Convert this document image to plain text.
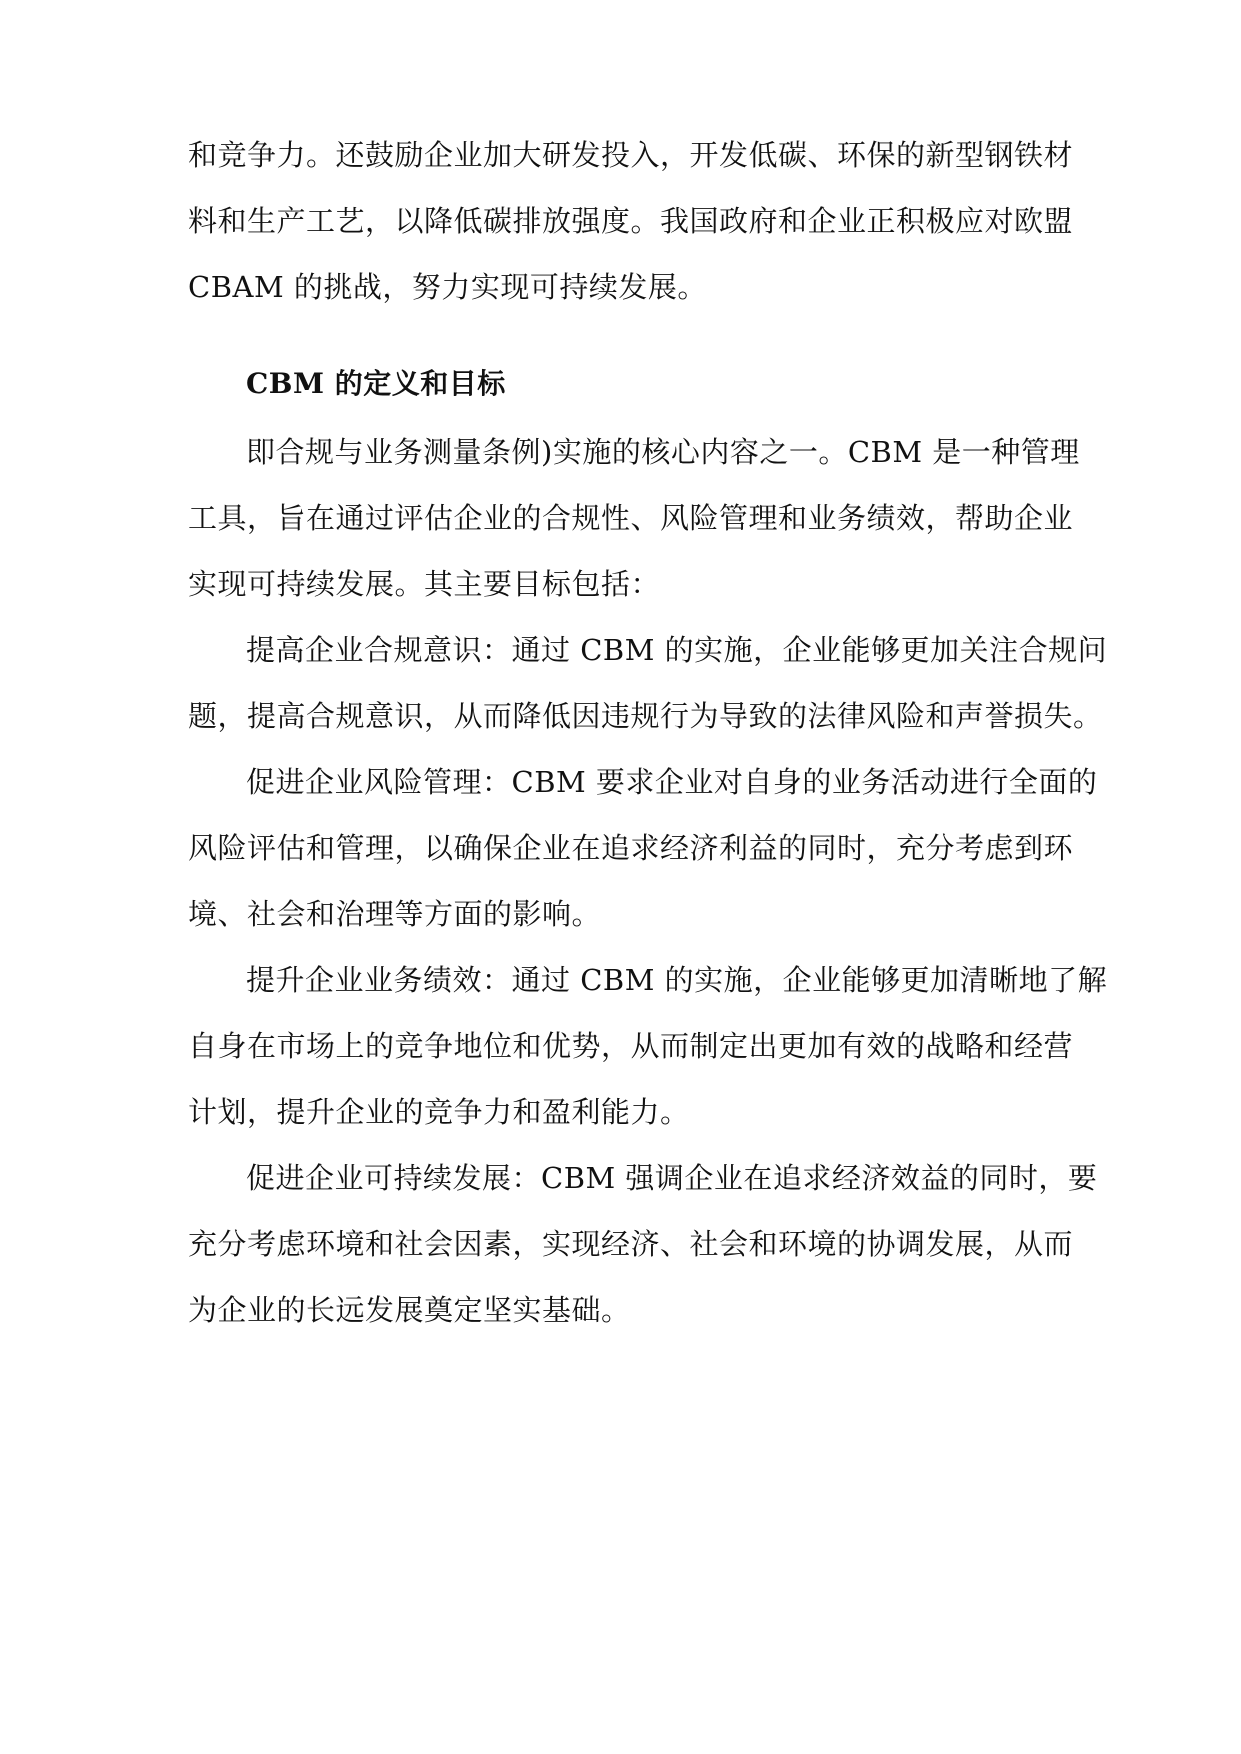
和竞争力。还鼓励企业加大研发投入，开发低碳、环保的新型钢铁材
料和生产工艺，以降低碳排放强度。我国政府和企业正积极应对欧盟
CBAM 的挑战，努力实现可持续发展。
CBM 的定义和目标
即合规与业务测量条例)实施的核心内容之一。CBM 是一种管理
工具，旨在通过评估企业的合规性、风险管理和业务绩效，帮助企业
实现可持续发展。其主要目标包括：
提高企业合规意识：通过 CBM 的实施，企业能够更加关注合规问
题，提高合规意识，从而降低因违规行为导致的法律风险和声誉损失。
促进企业风险管理：CBM 要求企业对自身的业务活动进行全面的
风险评估和管理，以确保企业在追求经济利益的同时，充分考虑到环
境、社会和治理等方面的影响。
提升企业业务绩效：通过 CBM 的实施，企业能够更加清晰地了解
自身在市场上的竞争地位和优势，从而制定出更加有效的战略和经营
计划，提升企业的竞争力和盈利能力。
促进企业可持续发展：CBM 强调企业在追求经济效益的同时，要
充分考虑环境和社会因素，实现经济、社会和环境的协调发展，从而
为企业的长远发展奠定坚实基础。
